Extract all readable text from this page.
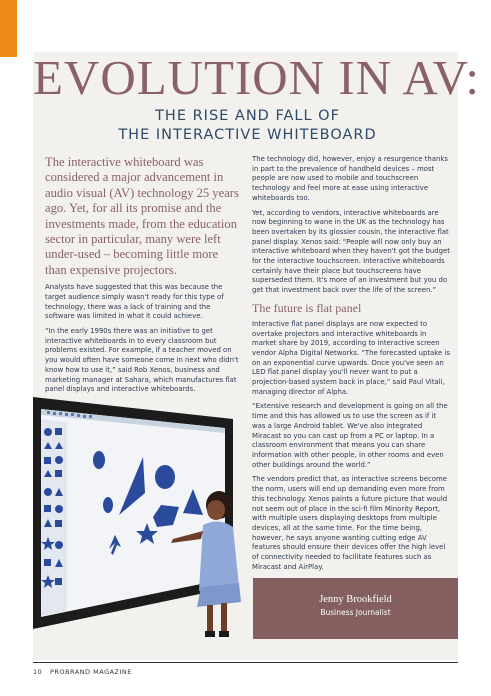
EVOLUTION IN AV:
THE RISE AND FALL OF
THE INTERACTIVE WHITEBOARD

The interactive whiteboard was considered a major advancement in audio visual (AV) technology 25 years ago. Yet, for all its promise and the investments made, from the education sector in particular, many were left under-used – becoming little more than expensive projectors.

Analysts have suggested that this was because the target audience simply wasn't ready for this type of technology, there was a lack of training and the software was limited in what it could achieve.

“In the early 1990s there was an initiative to get interactive whiteboards in to every classroom but problems existed. For example, if a teacher moved on you would often have someone come in next who didn't know how to use it,” said Rob Xenos, business and marketing manager at Sahara, which manufactures flat panel displays and interactive whiteboards.

The technology did, however, enjoy a resurgence thanks in part to the prevalence of handheld devices – most people are now used to mobile and touchscreen technology and feel more at ease using interactive whiteboards too.

Yet, according to vendors, interactive whiteboards are now beginning to wane in the UK as the technology has been overtaken by its glossier cousin, the interactive flat panel display. Xenos said: “People will now only buy an interactive whiteboard when they haven't got the budget for the interactive touchscreen. Interactive whiteboards certainly have their place but touchscreens have superseded them. It's more of an investment but you do get that investment back over the life of the screen.”

The future is flat panel

Interactive flat panel displays are now expected to overtake projectors and interactive whiteboards in market share by 2019, according to interactive screen vendor Alpha Digital Networks. “The forecasted uptake is on an exponential curve upwards. Once you've seen an LED flat panel display you'll never want to put a projection-based system back in place,” said Paul Vitali, managing director of Alpha.

“Extensive research and development is going on all the time and this has allowed us to use the screen as if it was a large Android tablet. We've also integrated Miracast so you can cast up from a PC or laptop. In a classroom environment that means you can share information with other people, in other rooms and even other buildings around the world.”

The vendors predict that, as interactive screens become the norm, users will end up demanding even more from this technology. Xenos paints a future picture that would not seem out of place in the sci-fi film Minority Report, with multiple users displaying desktops from multiple devices, all at the same time. For the time being, however, he says anyone wanting cutting edge AV features should ensure their devices offer the high level of connectivity needed to facilitate features such as Miracast and AirPlay.

Jenny Brookfield
Business Journalist
10 PROBRAND MAGAZINE
